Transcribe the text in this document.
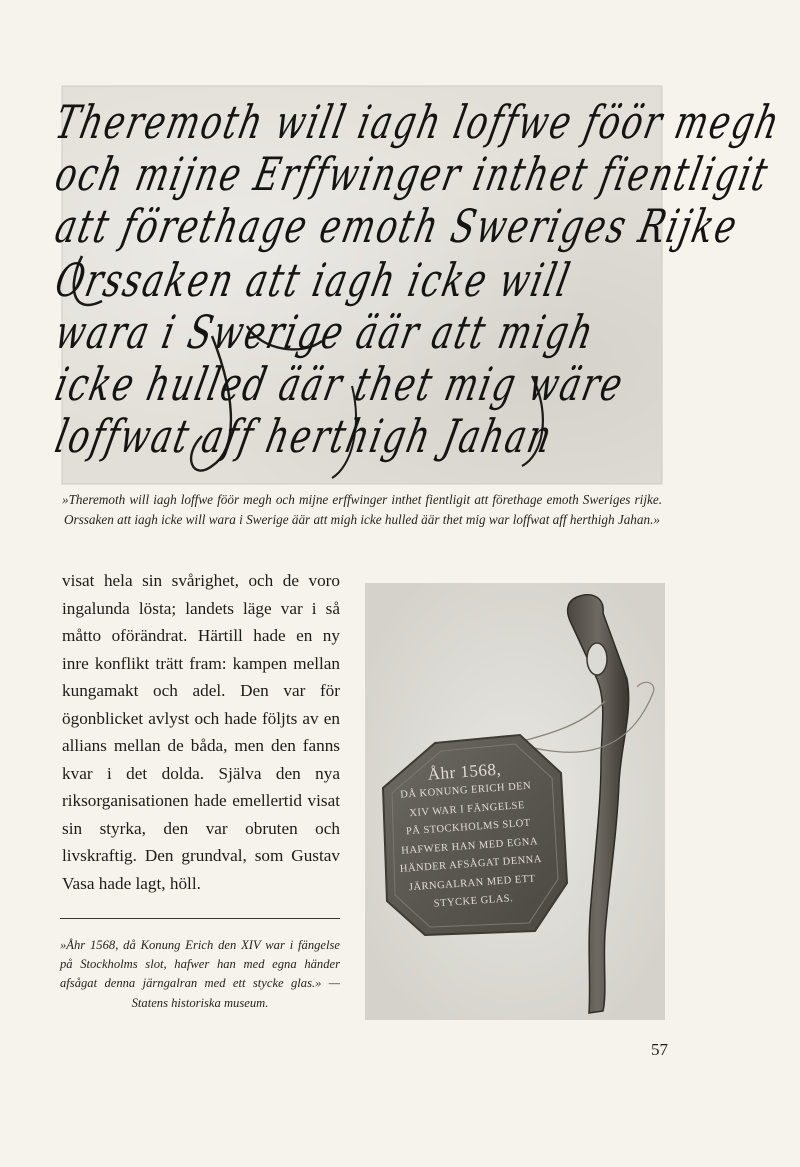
Theremoth will iagh loffwe föör megh
och mijne Erffwinger inthet fientligit
att förethage emoth Sweriges Rijke
Orssaken att iagh icke will
wara i Swerige äär att migh
icke hulled äär thet mig wäre
loffwat aff herthigh Jahan
»Theremoth will iagh loffwe föör megh och mijne erffwinger inthet fientligit att förethage emoth Sweriges rijke. Orssaken att iagh icke will wara i Swerige äär att migh icke hulled äär thet mig war loffwat aff herthigh Jahan.»
visat hela sin svårighet, och de voro ingalunda lösta; landets läge var i så måtto oförändrat. Härtill hade en ny inre konflikt trätt fram: kampen mellan kungamakt och adel. Den var för ögonblicket avlyst och hade följts av en allians mellan de båda, men den fanns kvar i det dolda. Själva den nya riksorganisationen hade emellertid visat sin styrka, den var obruten och livskraftig. Den grundval, som Gustav Vasa hade lagt, höll.
»Åhr 1568, då Konung Erich den XIV war i fängelse på Stockholms slot, hafwer han med egna händer afsågat denna järngalran med ett stycke glas.» — Statens historiska museum.
Åhr 1568,
DÅ KONUNG ERICH DEN
XIV WAR I FÄNGELSE
PÅ STOCKHOLMS SLOT
HAFWER HAN MED EGNA
HÄNDER AFSÅGAT DENNA
JÄRNGALRAN MED ETT
STYCKE GLAS.
57
